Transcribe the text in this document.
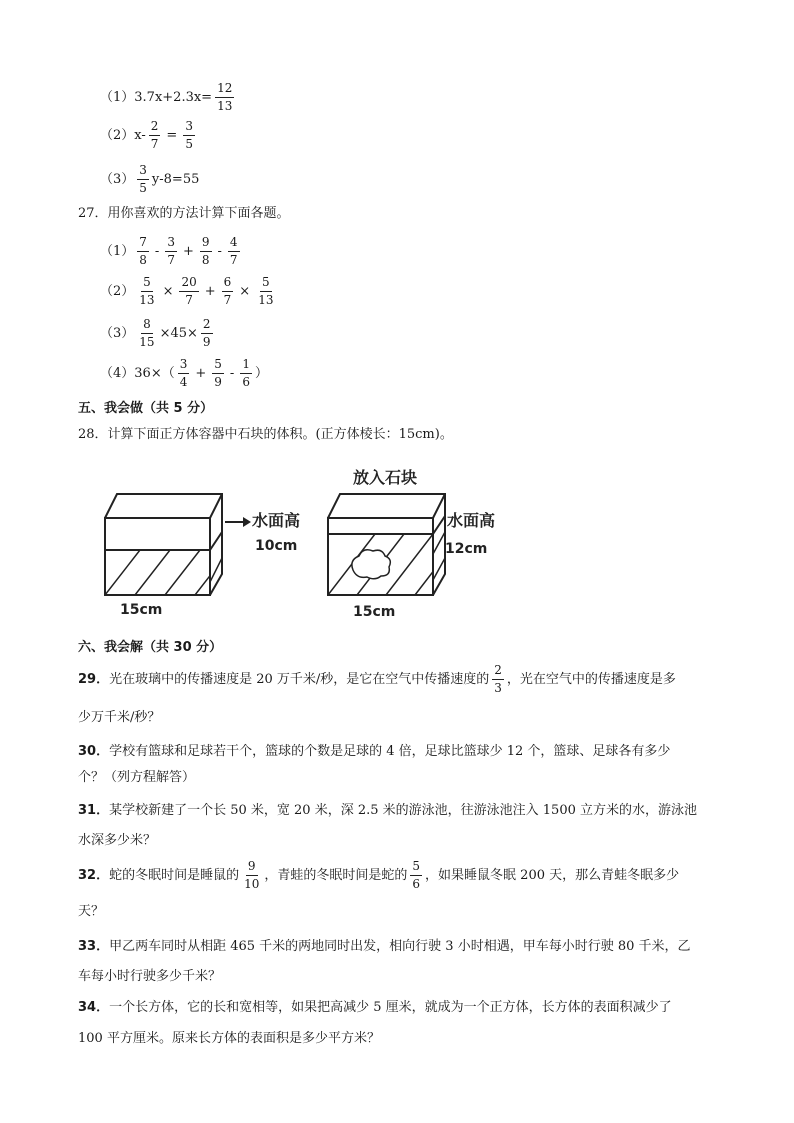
（1） $3.7x+2.3x= \frac{12}{13}$
（2） $x- \frac{2}{7} = \frac{3}{5}$
$(3) \frac{3}{5} y-8=55$
27．用你喜欢的方法计算下面各题。
$(1) \frac{7}{8} - \frac{3}{7} + \frac{9}{8} - \frac{4}{7}$
$(2) \frac{5}{13} \times \frac{20}{7} + \frac{6}{7} \times \frac{5}{13}$
$(3) \frac{8}{15} \times 45\times \frac{2}{9}$
（4） $36\times( \frac{3}{4} + \frac{5}{9} - \frac{1}{6}$ ）
五、我会做（共 5 分）
28．计算下面正方体容器中石块的体积。(正方体棱长：15cm)。
水面高
10cm
15cm
放入石块
水面高
12cm
15cm
六、我会解（共 30 分）
29． 光在玻璃中的传播速度是 20 万千米/秒，是它在空气中传播速度的 $\frac{2}{3}$ ，光在空气中的传播速度是多
少万千米/秒？
30．学校有篮球和足球若干个，篮球的个数是足球的 4 倍，足球比篮球少 12 个，篮球、足球各有多少
个？（列方程解答）
31．某学校新建了一个长 50 米，宽 20 米，深 2.5 米的游泳池，往游泳池注入 1500 立方米的水，游泳池
水深多少米？
32． 蛇的冬眠时间是睡鼠的 $\frac{9}{10}$ ，青蛙的冬眠时间是蛇的 $\frac{5}{6}$ ，如果睡鼠冬眠 200 天，那么青蛙冬眠多少
天？
33．甲乙两车同时从相距 465 千米的两地同时出发，相向行驶 3 小时相遇，甲车每小时行驶 80 千米，乙
车每小时行驶多少千米？
34．一个长方体，它的长和宽相等，如果把高减少 5 厘米，就成为一个正方体，长方体的表面积减少了
100 平方厘米。原来长方体的表面积是多少平方米？
